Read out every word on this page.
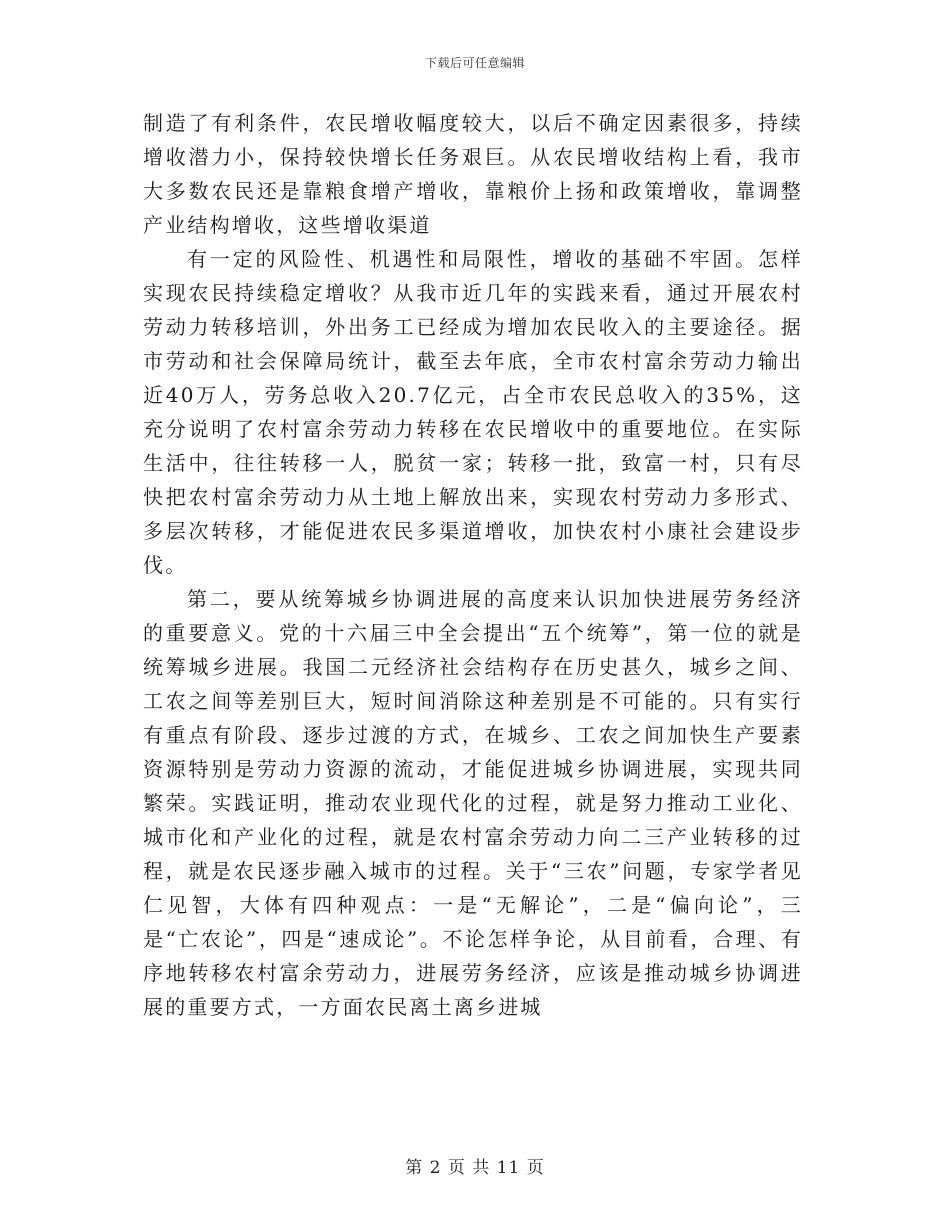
下载后可任意编辑

制造了有利条件，农民增收幅度较大，以后不确定因素很多，持续增收潜力小，保持较快增长任务艰巨。从农民增收结构上看，我市大多数农民还是靠粮食增产增收，靠粮价上扬和政策增收，靠调整产业结构增收，这些增收渠道

有一定的风险性、机遇性和局限性，增收的基础不牢固。怎样实现农民持续稳定增收？从我市近几年的实践来看，通过开展农村劳动力转移培训，外出务工已经成为增加农民收入的主要途径。据市劳动和社会保障局统计，截至去年底，全市农村富余劳动力输出近40万人，劳务总收入20.7亿元，占全市农民总收入的35%，这充分说明了农村富余劳动力转移在农民增收中的重要地位。在实际生活中，往往转移一人，脱贫一家；转移一批，致富一村，只有尽快把农村富余劳动力从土地上解放出来，实现农村劳动力多形式、多层次转移，才能促进农民多渠道增收，加快农村小康社会建设步伐。

第二，要从统筹城乡协调进展的高度来认识加快进展劳务经济的重要意义。党的十六届三中全会提出“五个统筹”，第一位的就是统筹城乡进展。我国二元经济社会结构存在历史甚久，城乡之间、工农之间等差别巨大，短时间消除这种差别是不可能的。只有实行有重点有阶段、逐步过渡的方式，在城乡、工农之间加快生产要素资源特别是劳动力资源的流动，才能促进城乡协调进展，实现共同繁荣。实践证明，推动农业现代化的过程，就是努力推动工业化、城市化和产业化的过程，就是农村富余劳动力向二三产业转移的过程，就是农民逐步融入城市的过程。关于“三农”问题，专家学者见仁见智，大体有四种观点：一是“无解论”，二是“偏向论”，三是“亡农论”，四是“速成论”。不论怎样争论，从目前看，合理、有序地转移农村富余劳动力，进展劳务经济，应该是推动城乡协调进展的重要方式，一方面农民离土离乡进城

第 2 页 共 11 页
